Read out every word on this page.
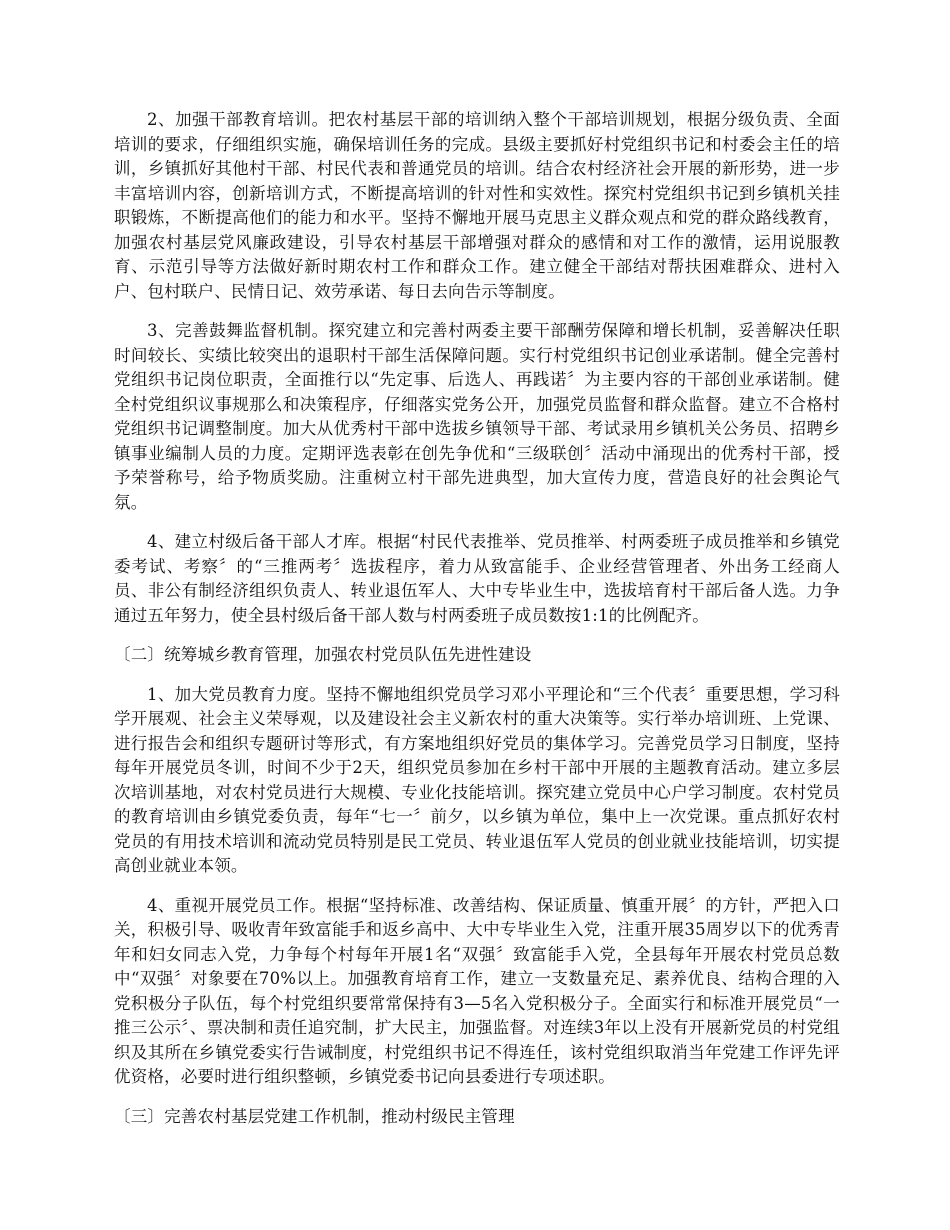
2、加强干部教育培训。把农村基层干部的培训纳入整个干部培训规划，根据分级负责、全面培训的要求，仔细组织实施，确保培训任务的完成。县级主要抓好村党组织书记和村委会主任的培训，乡镇抓好其他村干部、村民代表和普通党员的培训。结合农村经济社会开展的新形势，进一步丰富培训内容，创新培训方式，不断提高培训的针对性和实效性。探究村党组织书记到乡镇机关挂职锻炼，不断提高他们的能力和水平。坚持不懈地开展马克思主义群众观点和党的群众路线教育，加强农村基层党风廉政建设，引导农村基层干部增强对群众的感情和对工作的激情，运用说服教育、示范引导等方法做好新时期农村工作和群众工作。建立健全干部结对帮扶困难群众、进村入户、包村联户、民情日记、效劳承诺、每日去向告示等制度。

3、完善鼓舞监督机制。探究建立和完善村两委主要干部酬劳保障和增长机制，妥善解决任职时间较长、实绩比较突出的退职村干部生活保障问题。实行村党组织书记创业承诺制。健全完善村党组织书记岗位职责，全面推行以“先定事、后选人、再践诺〞为主要内容的干部创业承诺制。健全村党组织议事规那么和决策程序，仔细落实党务公开，加强党员监督和群众监督。建立不合格村党组织书记调整制度。加大从优秀村干部中选拔乡镇领导干部、考试录用乡镇机关公务员、招聘乡镇事业编制人员的力度。定期评选表彰在创先争优和“三级联创〞活动中涌现出的优秀村干部，授予荣誉称号，给予物质奖励。注重树立村干部先进典型，加大宣传力度，营造良好的社会舆论气氛。

4、建立村级后备干部人才库。根据“村民代表推举、党员推举、村两委班子成员推举和乡镇党委考试、考察〞的“三推两考〞选拔程序，着力从致富能手、企业经营管理者、外出务工经商人员、非公有制经济组织负责人、转业退伍军人、大中专毕业生中，选拔培育村干部后备人选。力争通过五年努力，使全县村级后备干部人数与村两委班子成员数按1:1的比例配齐。

〔二〕统筹城乡教育管理，加强农村党员队伍先进性建设

1、加大党员教育力度。坚持不懈地组织党员学习邓小平理论和“三个代表〞重要思想，学习科学开展观、社会主义荣辱观，以及建设社会主义新农村的重大决策等。实行举办培训班、上党课、进行报告会和组织专题研讨等形式，有方案地组织好党员的集体学习。完善党员学习日制度，坚持每年开展党员冬训，时间不少于2天，组织党员参加在乡村干部中开展的主题教育活动。建立多层次培训基地，对农村党员进行大规模、专业化技能培训。探究建立党员中心户学习制度。农村党员的教育培训由乡镇党委负责，每年“七一〞前夕，以乡镇为单位，集中上一次党课。重点抓好农村党员的有用技术培训和流动党员特别是民工党员、转业退伍军人党员的创业就业技能培训，切实提高创业就业本领。

4、重视开展党员工作。根据“坚持标准、改善结构、保证质量、慎重开展〞的方针，严把入口关，积极引导、吸收青年致富能手和返乡高中、大中专毕业生入党，注重开展35周岁以下的优秀青年和妇女同志入党，力争每个村每年开展1名“双强〞致富能手入党，全县每年开展农村党员总数中“双强〞对象要在70%以上。加强教育培育工作，建立一支数量充足、素养优良、结构合理的入党积极分子队伍，每个村党组织要常常保持有3—5名入党积极分子。全面实行和标准开展党员“一推三公示〞、票决制和责任追究制，扩大民主，加强监督。对连续3年以上没有开展新党员的村党组织及其所在乡镇党委实行告诫制度，村党组织书记不得连任，该村党组织取消当年党建工作评先评优资格，必要时进行组织整顿，乡镇党委书记向县委进行专项述职。

〔三〕完善农村基层党建工作机制，推动村级民主管理
